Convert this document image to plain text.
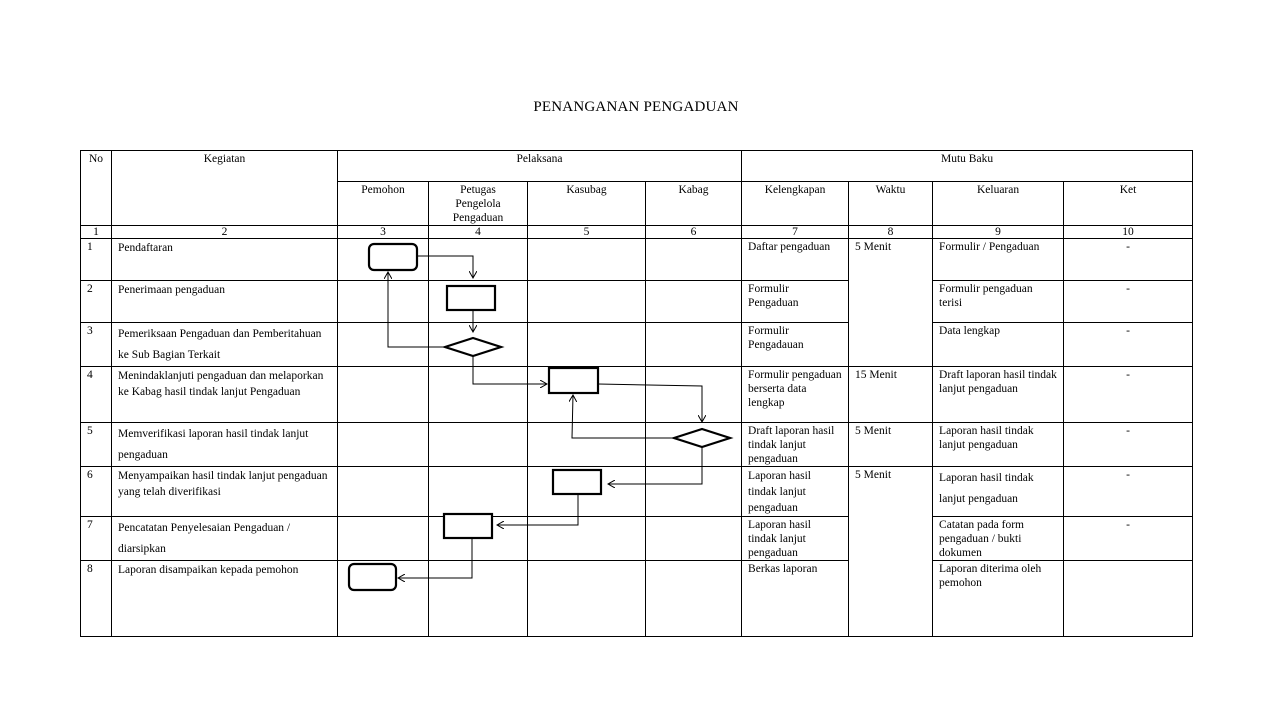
PENANGANAN PENGADUAN
No	Kegiatan	Pelaksana				Mutu Baku			
		Pemohon	Petugas Pengelola Pengaduan	Kasubag	Kabag	Kelengkapan	Waktu	Keluaran	Ket
1	2	3	4	5	6	7	8	9	10
1	Pendaftaran					Daftar pengaduan	5 Menit	Formulir / Pengaduan	-
2	Penerimaan pengaduan					Formulir Pengaduan		Formulir pengaduan terisi	-
3	Pemeriksaan Pengaduan dan Pemberitahuan ke Sub Bagian Terkait					Formulir Pengadauan		Data lengkap	-
4	Menindaklanjuti pengaduan dan melaporkan ke Kabag hasil tindak lanjut Pengaduan					Formulir pengaduan berserta data lengkap	15 Menit	Draft laporan hasil tindak lanjut pengaduan	-
5	Memverifikasi laporan hasil tindak lanjut pengaduan					Draft laporan hasil tindak lanjut pengaduan	5 Menit	Laporan hasil tindak lanjut pengaduan	-
6	Menyampaikan hasil tindak lanjut pengaduan yang telah diverifikasi					Laporan hasil tindak lanjut pengaduan	5 Menit	Laporan hasil tindak lanjut pengaduan	-
7	Pencatatan Penyelesaian Pengaduan / diarsipkan					Laporan hasil tindak lanjut pengaduan		Catatan pada form pengaduan / bukti dokumen	-
8	Laporan disampaikan kepada pemohon					Berkas laporan		Laporan diterima oleh pemohon	
